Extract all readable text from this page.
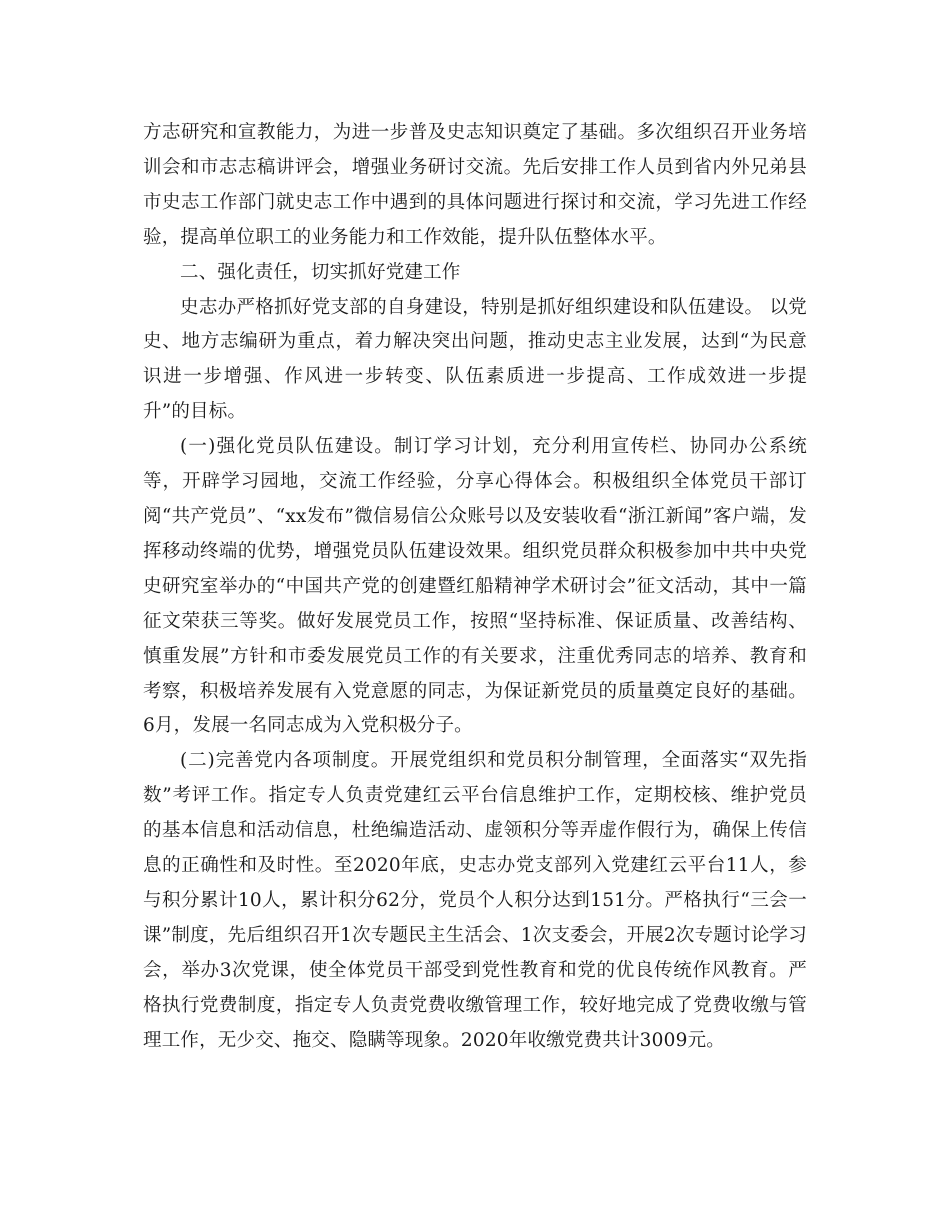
方志研究和宣教能力，为进一步普及史志知识奠定了基础。多次组织召开业务培训会和市志志稿讲评会，增强业务研讨交流。先后安排工作人员到省内外兄弟县市史志工作部门就史志工作中遇到的具体问题进行探讨和交流，学习先进工作经验，提高单位职工的业务能力和工作效能，提升队伍整体水平。

二、强化责任，切实抓好党建工作

史志办严格抓好党支部的自身建设，特别是抓好组织建设和队伍建设。 以党史、地方志编研为重点，着力解决突出问题，推动史志主业发展，达到“为民意识进一步增强、作风进一步转变、队伍素质进一步提高、工作成效进一步提升”的目标。

(一)强化党员队伍建设。制订学习计划，充分利用宣传栏、协同办公系统等，开辟学习园地，交流工作经验，分享心得体会。积极组织全体党员干部订阅“共产党员”、“xx发布”微信易信公众账号以及安装收看“浙江新闻”客户端，发挥移动终端的优势，增强党员队伍建设效果。组织党员群众积极参加中共中央党史研究室举办的“中国共产党的创建暨红船精神学术研讨会”征文活动，其中一篇征文荣获三等奖。做好发展党员工作，按照“坚持标准、保证质量、改善结构、慎重发展”方针和市委发展党员工作的有关要求，注重优秀同志的培养、教育和考察，积极培养发展有入党意愿的同志，为保证新党员的质量奠定良好的基础。6月，发展一名同志成为入党积极分子。

(二)完善党内各项制度。开展党组织和党员积分制管理，全面落实“双先指数”考评工作。指定专人负责党建红云平台信息维护工作，定期校核、维护党员的基本信息和活动信息，杜绝编造活动、虚领积分等弄虚作假行为，确保上传信息的正确性和及时性。至2020年底，史志办党支部列入党建红云平台11人，参与积分累计10人，累计积分62分，党员个人积分达到151分。严格执行“三会一课”制度，先后组织召开1次专题民主生活会、1次支委会，开展2次专题讨论学习会，举办3次党课，使全体党员干部受到党性教育和党的优良传统作风教育。严格执行党费制度，指定专人负责党费收缴管理工作，较好地完成了党费收缴与管理工作，无少交、拖交、隐瞒等现象。2020年收缴党费共计3009元。
